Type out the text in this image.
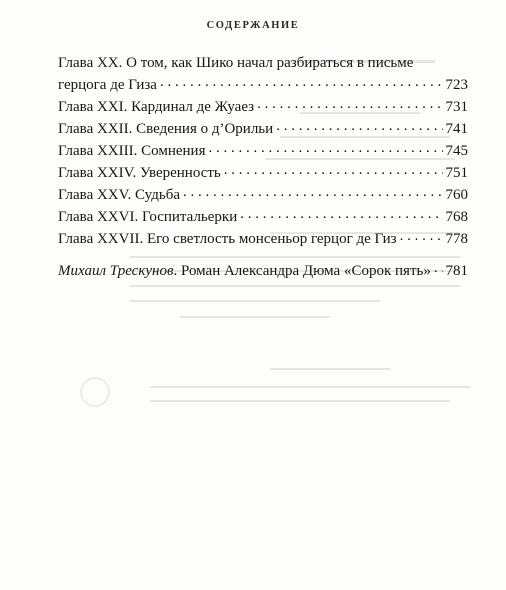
СОДЕРЖАНИЕ
Глава XX. О том, как Шико начал разбираться в письме
герцога де Гиза . . .	723
Глава XXI. Кардинал де Жуаез . . .	731
Глава XXII. Сведения о д’Орильи . . .	741
Глава XXIII. Сомнения . . .	745
Глава XXIV. Уверенность . . .	751
Глава XXV. Судьба . . .	760
Глава XXVI. Госпитальерки . . .	768
Глава XXVII. Его светлость монсеньор герцог де Гиз . . .	778
Михаил Трескунов. Роман Александра Дюма «Сорок пять» . . . 781
